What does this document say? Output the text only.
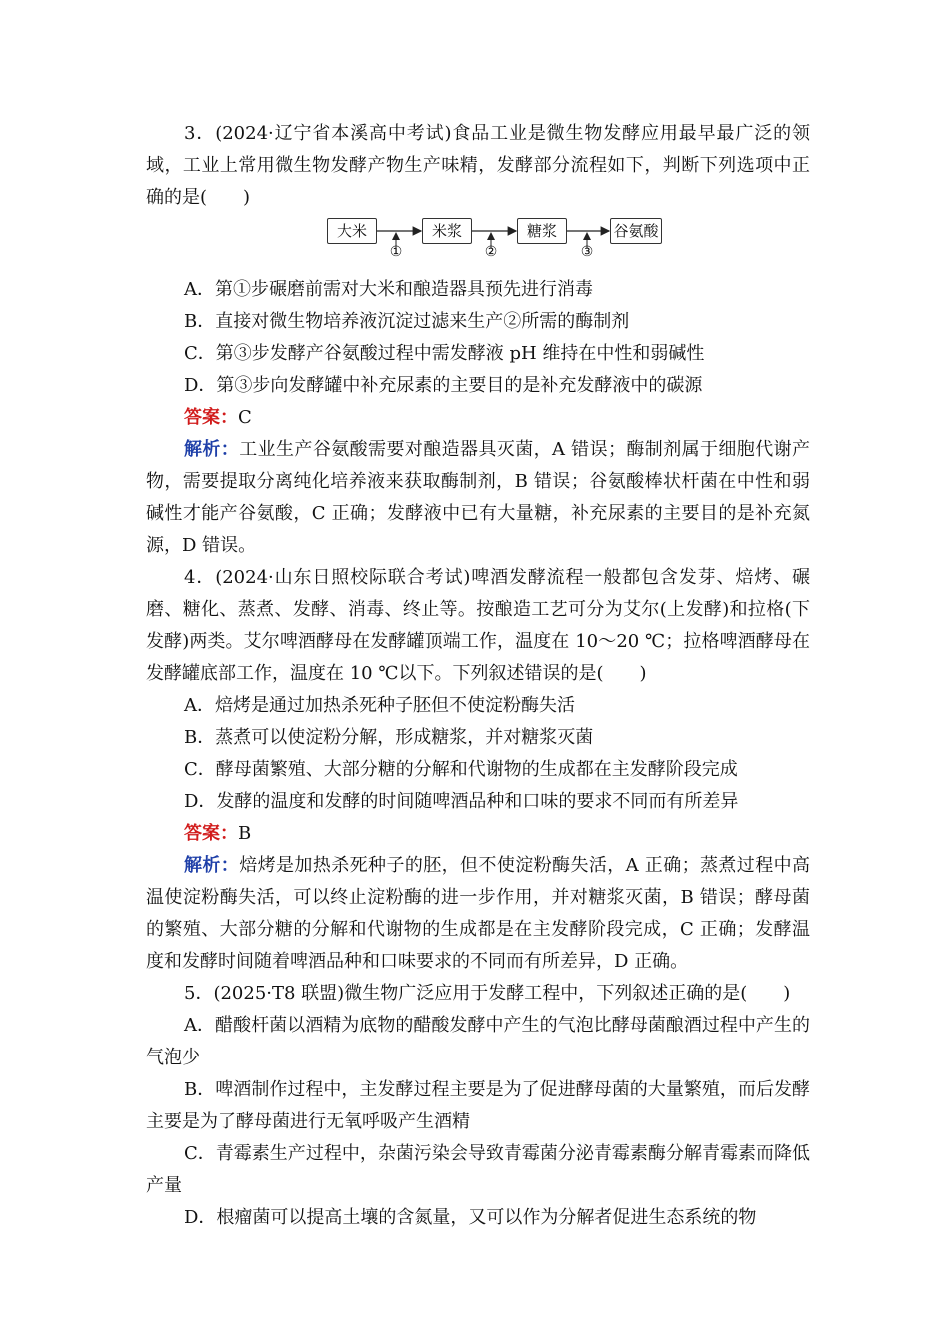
3．(2024·辽宁省本溪高中考试)食品工业是微生物发酵应用最早最广泛的领域，工业上常用微生物发酵产物生产味精，发酵部分流程如下，判断下列选项中正确的是(　　)

大米	米浆	糖浆	谷氨酸
①	②	③

A．第①步碾磨前需对大米和酿造器具预先进行消毒

B．直接对微生物培养液沉淀过滤来生产②所需的酶制剂

C．第③步发酵产谷氨酸过程中需发酵液 pH 维持在中性和弱碱性

D．第③步向发酵罐中补充尿素的主要目的是补充发酵液中的碳源

答案：C

解析：工业生产谷氨酸需要对酿造器具灭菌，A 错误；酶制剂属于细胞代谢产物，需要提取分离纯化培养液来获取酶制剂，B 错误；谷氨酸棒状杆菌在中性和弱碱性才能产谷氨酸，C 正确；发酵液中已有大量糖，补充尿素的主要目的是补充氮源，D 错误。

4．(2024·山东日照校际联合考试)啤酒发酵流程一般都包含发芽、焙烤、碾磨、糖化、蒸煮、发酵、消毒、终止等。按酿造工艺可分为艾尔(上发酵)和拉格(下发酵)两类。艾尔啤酒酵母在发酵罐顶端工作，温度在 10～20 ℃；拉格啤酒酵母在发酵罐底部工作，温度在 10 ℃以下。下列叙述错误的是(　　)

A．焙烤是通过加热杀死种子胚但不使淀粉酶失活

B．蒸煮可以使淀粉分解，形成糖浆，并对糖浆灭菌

C．酵母菌繁殖、大部分糖的分解和代谢物的生成都在主发酵阶段完成

D．发酵的温度和发酵的时间随啤酒品种和口味的要求不同而有所差异

答案：B

解析：焙烤是加热杀死种子的胚，但不使淀粉酶失活，A 正确；蒸煮过程中高温使淀粉酶失活，可以终止淀粉酶的进一步作用，并对糖浆灭菌，B 错误；酵母菌的繁殖、大部分糖的分解和代谢物的生成都是在主发酵阶段完成，C 正确；发酵温度和发酵时间随着啤酒品种和口味要求的不同而有所差异，D 正确。

5．(2025·T8 联盟)微生物广泛应用于发酵工程中，下列叙述正确的是(　　)

A．醋酸杆菌以酒精为底物的醋酸发酵中产生的气泡比酵母菌酿酒过程中产生的气泡少

B．啤酒制作过程中，主发酵过程主要是为了促进酵母菌的大量繁殖，而后发酵主要是为了酵母菌进行无氧呼吸产生酒精

C．青霉素生产过程中，杂菌污染会导致青霉菌分泌青霉素酶分解青霉素而降低产量

D．根瘤菌可以提高土壤的含氮量，又可以作为分解者促进生态系统的物
